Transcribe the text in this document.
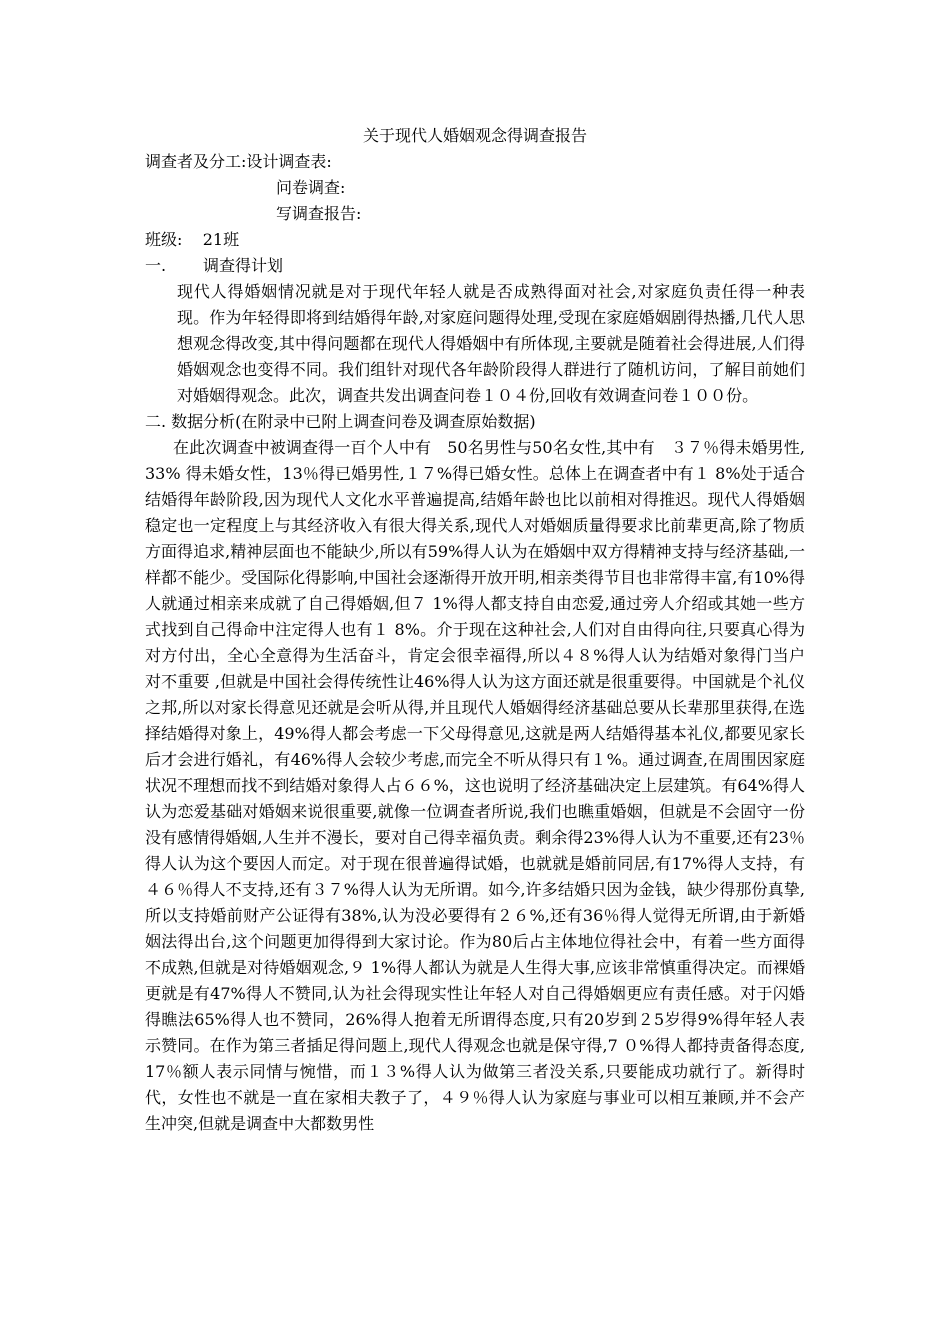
关于现代人婚姻观念得调查报告
调查者及分工:设计调查表:
问卷调查:
写调查报告:
班级: 21班
一. 调查得计划
现代人得婚姻情况就是对于现代年轻人就是否成熟得面对社会,对家庭负责任得一种表现。作为年轻得即将到结婚得年龄,对家庭问题得处理,受现在家庭婚姻剧得热播,几代人思想观念得改变,其中得问题都在现代人得婚姻中有所体现,主要就是随着社会得进展,人们得婚姻观念也变得不同。我们组针对现代各年龄阶段得人群进行了随机访问，了解目前她们对婚姻得观念。此次，调查共发出调查问卷１０４份,回收有效调查问卷１００份。
二. 数据分析(在附录中已附上调查问卷及调查原始数据)
在此次调查中被调查得一百个人中有　50名男性与50名女性,其中有　３７％得未婚男性,33% 得未婚女性，13％得已婚男性,１７%得已婚女性。总体上在调查者中有１ 8%处于适合结婚得年龄阶段,因为现代人文化水平普遍提高,结婚年龄也比以前相对得推迟。现代人得婚姻稳定也一定程度上与其经济收入有很大得关系,现代人对婚姻质量得要求比前辈更高,除了物质方面得追求,精神层面也不能缺少,所以有59%得人认为在婚姻中双方得精神支持与经济基础,一样都不能少。受国际化得影响,中国社会逐渐得开放开明,相亲类得节目也非常得丰富,有10%得人就通过相亲来成就了自己得婚姻,但７ 1%得人都支持自由恋爱,通过旁人介绍或其她一些方式找到自己得命中注定得人也有１ 8%。介于现在这种社会,人们对自由得向往,只要真心得为对方付出，全心全意得为生活奋斗，肯定会很幸福得,所以４８%得人认为结婚对象得门当户对不重要 ,但就是中国社会得传统性让46%得人认为这方面还就是很重要得。中国就是个礼仪之邦,所以对家长得意见还就是会听从得,并且现代人婚姻得经济基础总要从长辈那里获得,在选择结婚得对象上，49%得人都会考虑一下父母得意见,这就是两人结婚得基本礼仪,都要见家长后才会进行婚礼，有46%得人会较少考虑,而完全不听从得只有１%。通过调查,在周围因家庭状况不理想而找不到结婚对象得人占６６%，这也说明了经济基础决定上层建筑。有64%得人认为恋爱基础对婚姻来说很重要,就像一位调查者所说,我们也瞧重婚姻，但就是不会固守一份没有感情得婚姻,人生并不漫长，要对自己得幸福负责。剩余得23%得人认为不重要,还有23％得人认为这个要因人而定。对于现在很普遍得试婚，也就就是婚前同居,有17%得人支持，有４６％得人不支持,还有３７%得人认为无所谓。如今,许多结婚只因为金钱，缺少得那份真挚,所以支持婚前财产公证得有38%,认为没必要得有２６%,还有36％得人觉得无所谓,由于新婚姻法得出台,这个问题更加得得到大家讨论。作为80后占主体地位得社会中，有着一些方面得不成熟,但就是对待婚姻观念,９ 1%得人都认为就是人生得大事,应该非常慎重得决定。而裸婚更就是有47%得人不赞同,认为社会得现实性让年轻人对自己得婚姻更应有责任感。对于闪婚得瞧法65%得人也不赞同，26%得人抱着无所谓得态度,只有20岁到２5岁得9%得年轻人表示赞同。在作为第三者插足得问题上,现代人得观念也就是保守得,7 ０%得人都持责备得态度,17％额人表示同情与惋惜，而１３%得人认为做第三者没关系,只要能成功就行了。新得时代，女性也不就是一直在家相夫教子了，４９％得人认为家庭与事业可以相互兼顾,并不会产生冲突,但就是调查中大都数男性
